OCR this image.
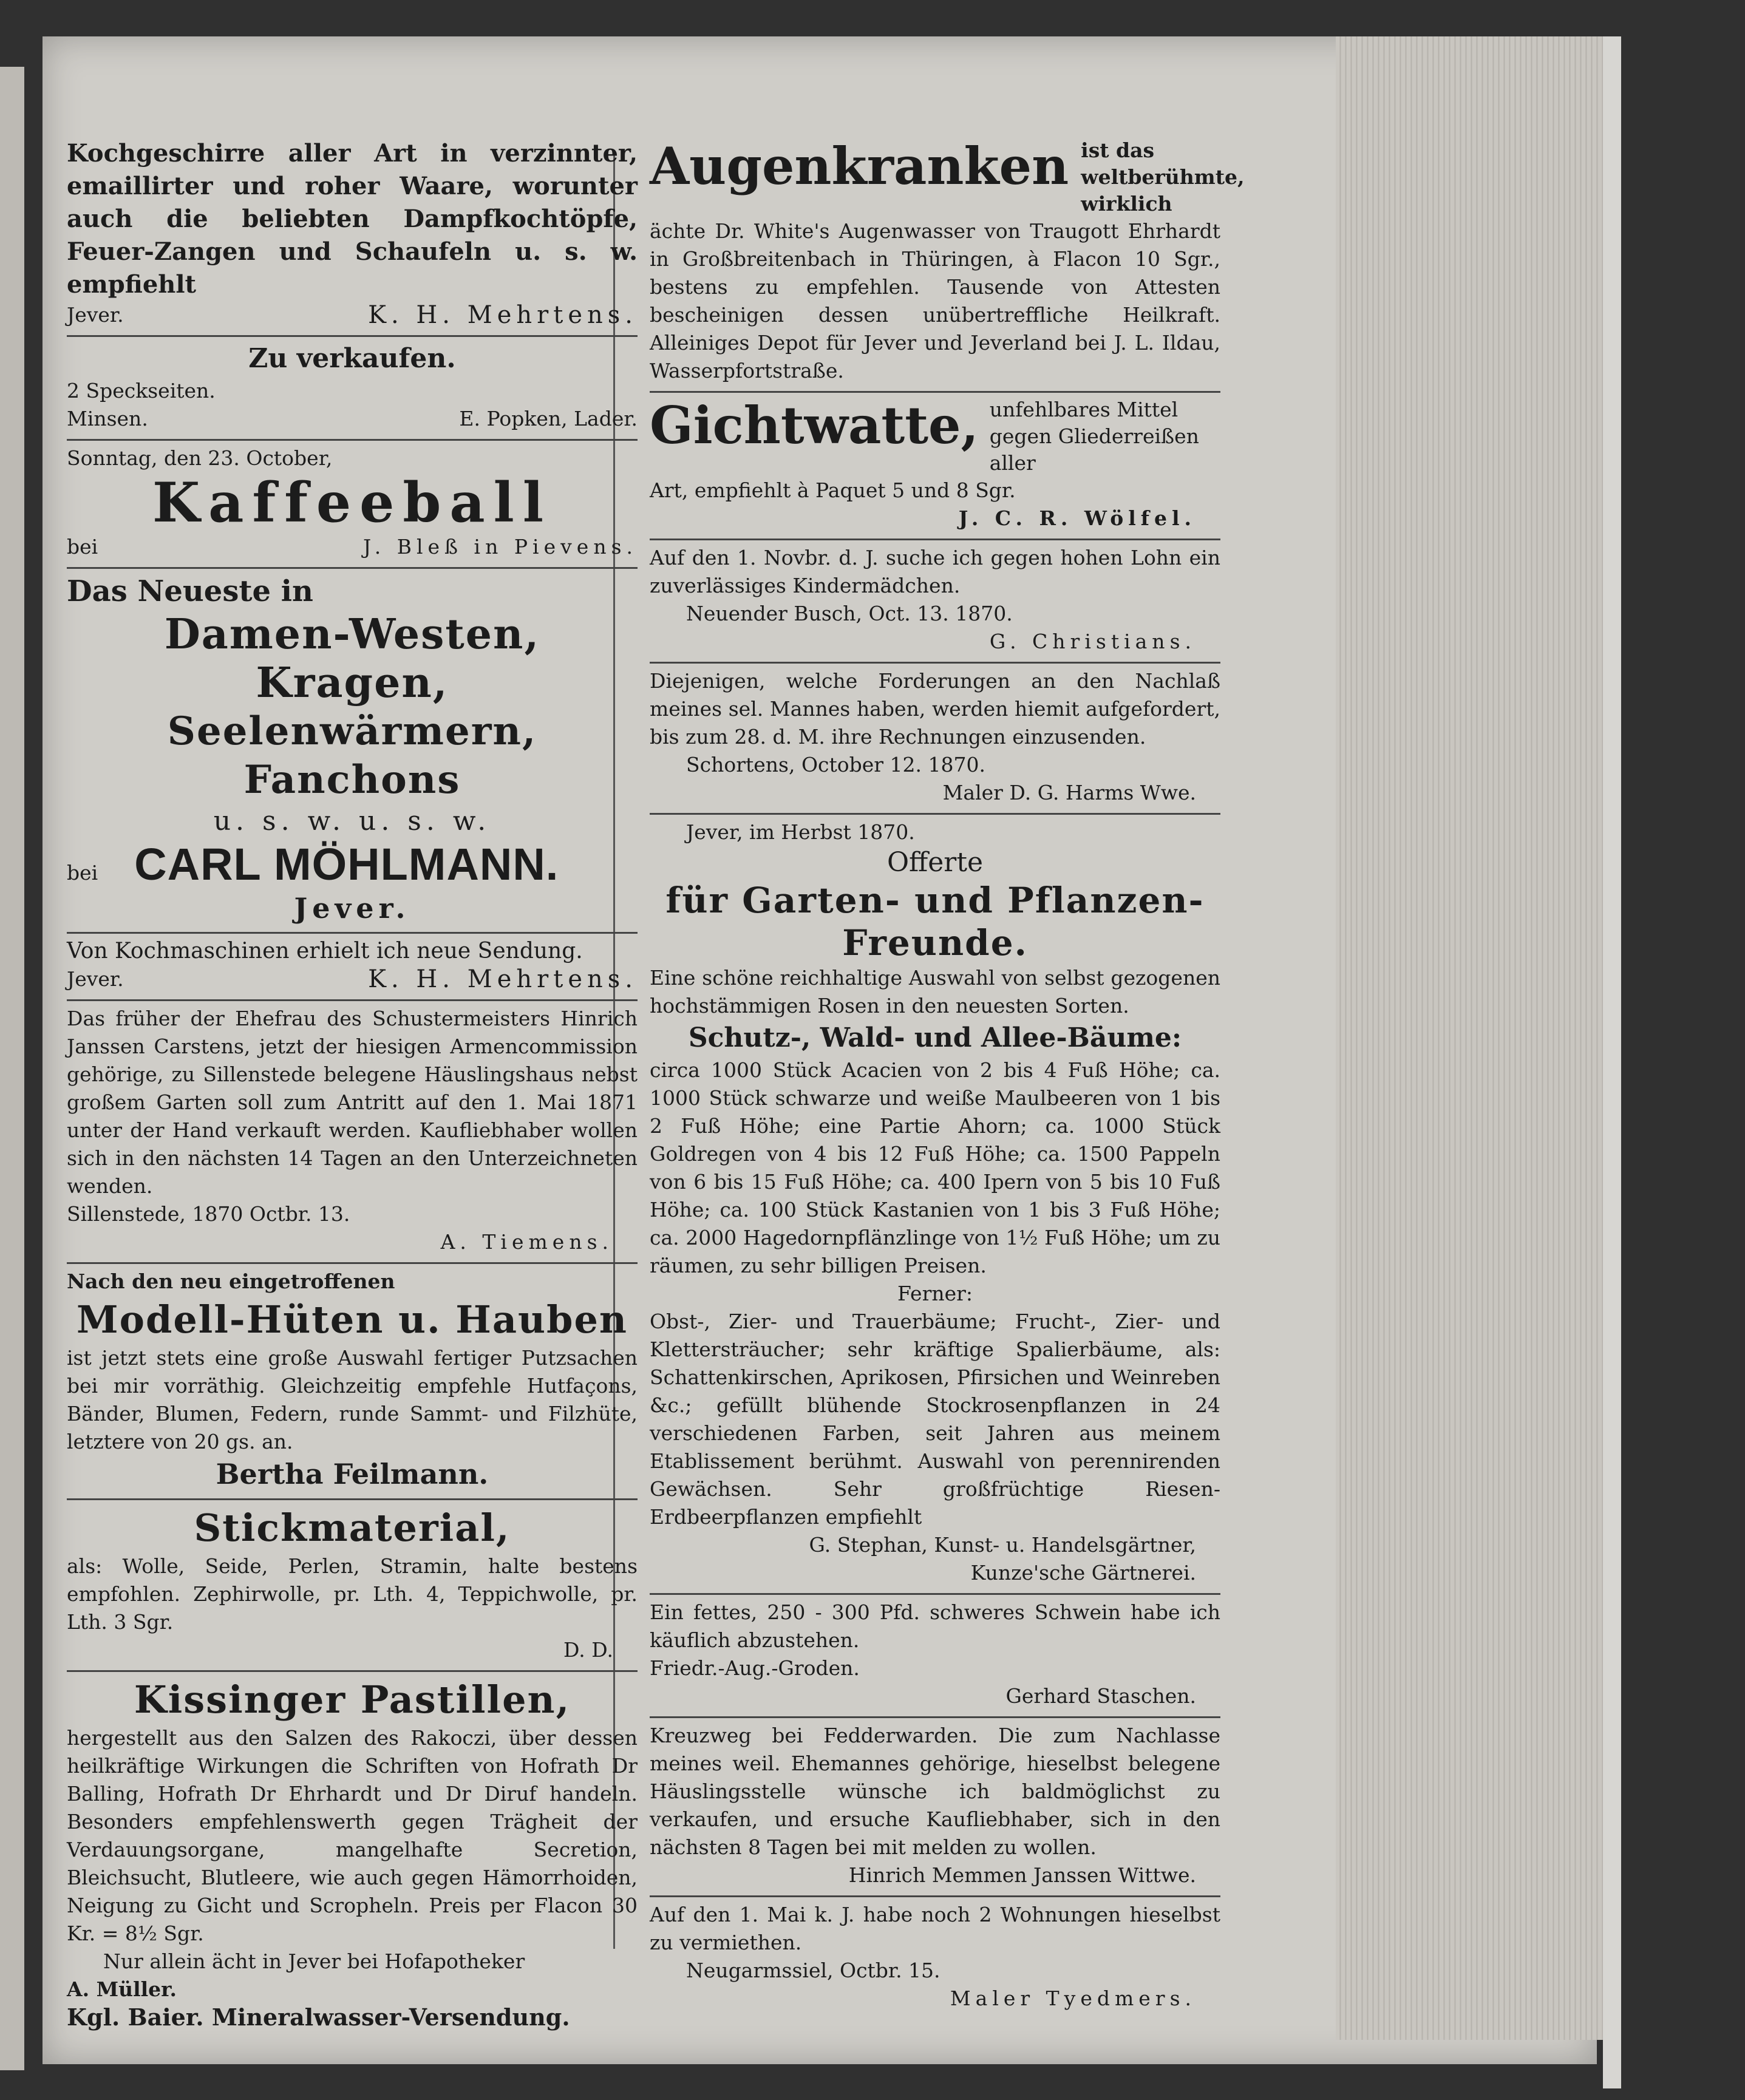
Kochgeschirre aller Art in verzinnter, emaillirter und roher Waare, worunter auch die beliebten Dampfkochtöpfe, Feuer-Zangen und Schaufeln u. s. w. empfiehlt

Jever.	K. H. Mehrtens.

Zu verkaufen.

2 Speckseiten.

Minsen.	E. Popken, Lader.

Sonntag, den 23. October,

Kaffeeball

bei	J. Bleß in Pievens.

Das Neueste in

Damen-Westen, Kragen,

Seelenwärmern, Fanchons

u. s. w. u. s. w.

bei CARL MÖHLMANN.

Jever.

Von Kochmaschinen erhielt ich neue Sendung.

Jever.	K. H. Mehrtens.

Das früher der Ehefrau des Schustermeisters Hinrich Janssen Carstens, jetzt der hiesigen Armencommission gehörige, zu Sillenstede belegene Häuslingshaus nebst großem Garten soll zum Antritt auf den 1. Mai 1871 unter der Hand verkauft werden. Kaufliebhaber wollen sich in den nächsten 14 Tagen an den Unterzeichneten wenden.

Sillenstede, 1870 Octbr. 13.

A. Tiemens.

Nach den neu eingetroffenen

Modell-Hüten u. Hauben

ist jetzt stets eine große Auswahl fertiger Putzsachen bei mir vorräthig. Gleichzeitig empfehle Hutfaçons, Bänder, Blumen, Federn, runde Sammt- und Filzhüte, letztere von 20 gs. an.

Bertha Feilmann.

Stickmaterial,

als: Wolle, Seide, Perlen, Stramin, halte bestens empfohlen. Zephirwolle, pr. Lth. 4, Teppichwolle, pr. Lth. 3 Sgr.

D. D.

Kissinger Pastillen,

hergestellt aus den Salzen des Rakoczi, über dessen heilkräftige Wirkungen die Schriften von Hofrath Dr Balling, Hofrath Dr Ehrhardt und Dr Diruf handeln. Besonders empfehlenswerth gegen Trägheit der Verdauungsorgane, mangelhafte Secretion, Bleichsucht, Blutleere, wie auch gegen Hämorrhoiden, Neigung zu Gicht und Scropheln. Preis per Flacon 30 Kr. = 8½ Sgr.

Nur allein ächt in Jever bei Hofapotheker

A. Müller.

Kgl. Baier. Mineralwasser-Versendung.

Augenkranken ist das weltberühmte, wirklich

ächte Dr. White's Augenwasser von Traugott Ehrhardt in Großbreitenbach in Thüringen, à Flacon 10 Sgr., bestens zu empfehlen. Tausende von Attesten bescheinigen dessen unübertreffliche Heilkraft. Alleiniges Depot für Jever und Jeverland bei J. L. Ildau, Wasserpfortstraße.

Gichtwatte, unfehlbares Mittel gegen Gliederreißen aller

Art, empfiehlt à Paquet 5 und 8 Sgr.

J. C. R. Wölfel.

Auf den 1. Novbr. d. J. suche ich gegen hohen Lohn ein zuverlässiges Kindermädchen.

Neuender Busch, Oct. 13. 1870.

G. Christians.

Diejenigen, welche Forderungen an den Nachlaß meines sel. Mannes haben, werden hiemit aufgefordert, bis zum 28. d. M. ihre Rechnungen einzusenden.

Schortens, October 12. 1870.

Maler D. G. Harms Wwe.

Jever, im Herbst 1870.

Offerte

für Garten- und Pflanzen-

Freunde.

Eine schöne reichhaltige Auswahl von selbst gezogenen hochstämmigen Rosen in den neuesten Sorten.

Schutz-, Wald- und Allee-Bäume:

circa 1000 Stück Acacien von 2 bis 4 Fuß Höhe; ca. 1000 Stück schwarze und weiße Maulbeeren von 1 bis 2 Fuß Höhe; eine Partie Ahorn; ca. 1000 Stück Goldregen von 4 bis 12 Fuß Höhe; ca. 1500 Pappeln von 6 bis 15 Fuß Höhe; ca. 400 Ipern von 5 bis 10 Fuß Höhe; ca. 100 Stück Kastanien von 1 bis 3 Fuß Höhe; ca. 2000 Hagedornpflänzlinge von 1½ Fuß Höhe; um zu räumen, zu sehr billigen Preisen.

Ferner:

Obst-, Zier- und Trauerbäume; Frucht-, Zier- und Klettersträucher; sehr kräftige Spalierbäume, als: Schattenkirschen, Aprikosen, Pfirsichen und Weinreben &c.; gefüllt blühende Stockrosenpflanzen in 24 verschiedenen Farben, seit Jahren aus meinem Etablissement berühmt. Auswahl von perennirenden Gewächsen. Sehr großfrüchtige Riesen-Erdbeerpflanzen empfiehlt

G. Stephan, Kunst- u. Handelsgärtner,

Kunze'sche Gärtnerei.

Ein fettes, 250 - 300 Pfd. schweres Schwein habe ich käuflich abzustehen.

Friedr.-Aug.-Groden.

Gerhard Staschen.

Kreuzweg bei Fedderwarden. Die zum Nachlasse meines weil. Ehemannes gehörige, hieselbst belegene Häuslingsstelle wünsche ich baldmöglichst zu verkaufen, und ersuche Kaufliebhaber, sich in den nächsten 8 Tagen bei mit melden zu wollen.

Hinrich Memmen Janssen Wittwe.

Auf den 1. Mai k. J. habe noch 2 Wohnungen hieselbst zu vermiethen.

Neugarmssiel, Octbr. 15.

Maler Tyedmers.
